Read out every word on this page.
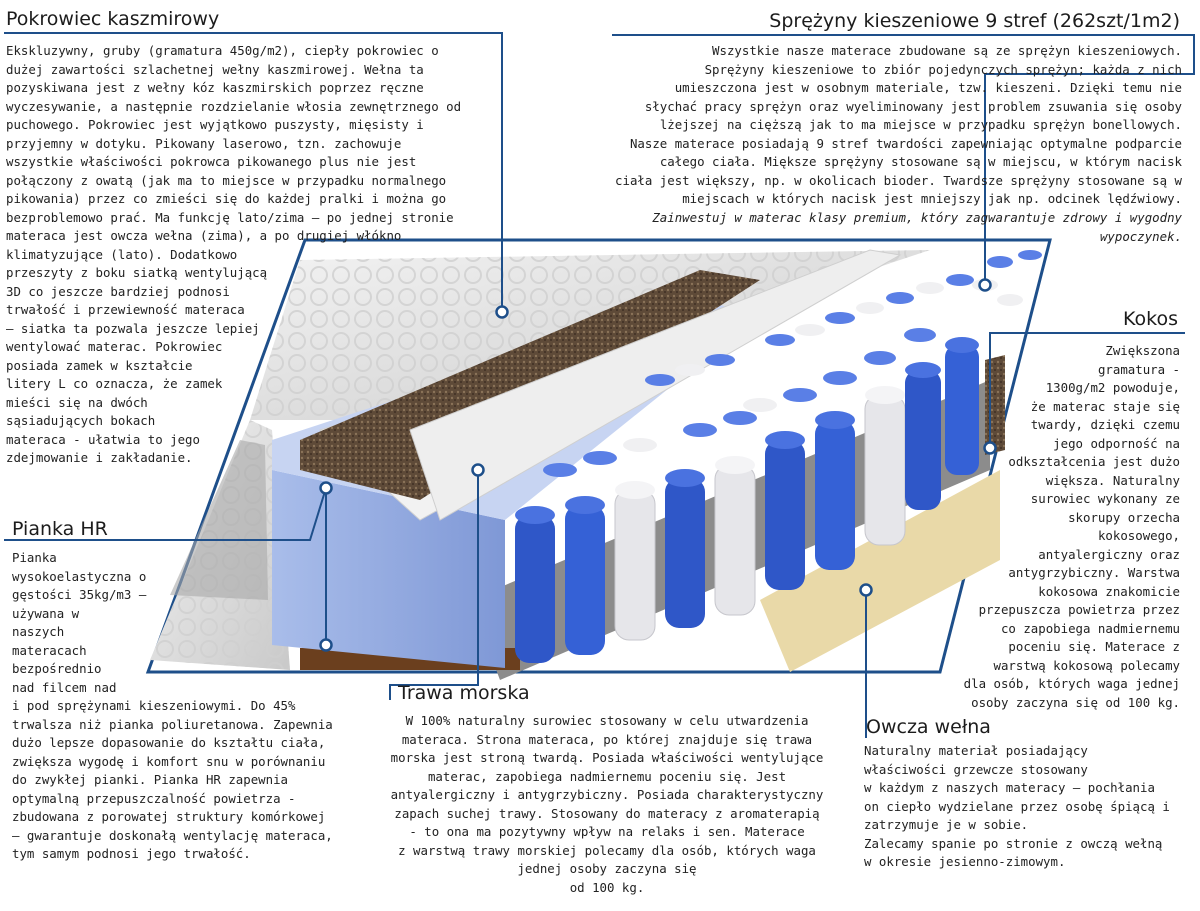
Pokrowiec kaszmirowy

Ekskluzywny, gruby (gramatura 450g/m2), ciepły pokrowiec o
dużej zawartości szlachetnej wełny kaszmirowej. Wełna ta
pozyskiwana jest z wełny kóz kaszmirskich poprzez ręczne
wyczesywanie, a następnie rozdzielanie włosia zewnętrznego od
puchowego. Pokrowiec jest wyjątkowo puszysty, mięsisty i
przyjemny w dotyku. Pikowany laserowo, tzn. zachowuje
wszystkie właściwości pokrowca pikowanego plus nie jest
połączony z owatą (jak ma to miejsce w przypadku normalnego
pikowania) przez co zmieści się do każdej pralki i można go
bezproblemowo prać. Ma funkcję lato/zima – po jednej stronie
materaca jest owcza wełna (zima), a po drugiej włókno
klimatyzujące (lato). Dodatkowo
przeszyty z boku siatką wentylującą
3D co jeszcze bardziej podnosi
trwałość i przewiewność materaca
– siatka ta pozwala jeszcze lepiej
wentylować materac. Pokrowiec
posiada zamek w kształcie
litery L co oznacza, że zamek
mieści się na dwóch
sąsiadujących bokach
materaca - ułatwia to jego
zdejmowanie i zakładanie.

Sprężyny kieszeniowe 9 stref (262szt/1m2)

Wszystkie nasze materace zbudowane są ze sprężyn kieszeniowych.
Sprężyny kieszeniowe to zbiór pojedynczych sprężyn; każda z nich
umieszczona jest w osobnym materiale, tzw. kieszeni. Dzięki temu nie
słychać pracy sprężyn oraz wyeliminowany jest problem zsuwania się osoby
lżejszej na cięższą jak to ma miejsce w przypadku sprężyn bonellowych.
Nasze materace posiadają 9 stref twardości zapewniając optymalne podparcie
całego ciała. Miększe sprężyny stosowane są w miejscu, w którym nacisk
ciała jest większy, np. w okolicach bioder. Twardsze sprężyny stosowane są w
miejscach w których nacisk jest mniejszy jak np. odcinek lędźwiowy.

Zainwestuj w materac klasy premium, który zagwarantuje zdrowy i wygodny
wypoczynek.

Kokos

Zwiększona
gramatura -
1300g/m2 powoduje,
że materac staje się
twardy, dzięki czemu
jego odporność na
odkształcenia jest dużo
większa. Naturalny
surowiec wykonany ze
skorupy orzecha
kokosowego,
antyalergiczny oraz
antygrzybiczny. Warstwa
kokosowa znakomicie
przepuszcza powietrza przez
co zapobiega nadmiernemu
poceniu się. Materace z
warstwą kokosową polecamy
dla osób, których waga jednej
osoby zaczyna się od 100 kg.

Pianka HR

Pianka
wysokoelastyczna o
gęstości 35kg/m3 –
używana w
naszych
materacach
bezpośrednio
nad filcem nad
i pod sprężynami kieszeniowymi. Do 45%
trwalsza niż pianka poliuretanowa. Zapewnia
dużo lepsze dopasowanie do kształtu ciała,
zwiększa wygodę i komfort snu w porównaniu
do zwykłej pianki. Pianka HR zapewnia
optymalną przepuszczalność powietrza -
zbudowana z porowatej struktury komórkowej
– gwarantuje doskonałą wentylację materaca,
tym samym podnosi jego trwałość.

Trawa morska

W 100% naturalny surowiec stosowany w celu utwardzenia
materaca. Strona materaca, po której znajduje się trawa
morska jest stroną twardą. Posiada właściwości wentylujące
materac, zapobiega nadmiernemu poceniu się. Jest
antyalergiczny i antygrzybiczny. Posiada charakterystyczny
zapach suchej trawy. Stosowany do materacy z aromaterapią
- to ona ma pozytywny wpływ na relaks i sen. Materace
z warstwą trawy morskiej polecamy dla osób, których waga
jednej osoby zaczyna się
od 100 kg.

Owcza wełna

Naturalny materiał posiadający
właściwości grzewcze stosowany
w każdym z naszych materacy – pochłania
on ciepło wydzielane przez osobę śpiącą i
zatrzymuje je w sobie.
Zalecamy spanie po stronie z owczą wełną
w okresie jesienno-zimowym.
